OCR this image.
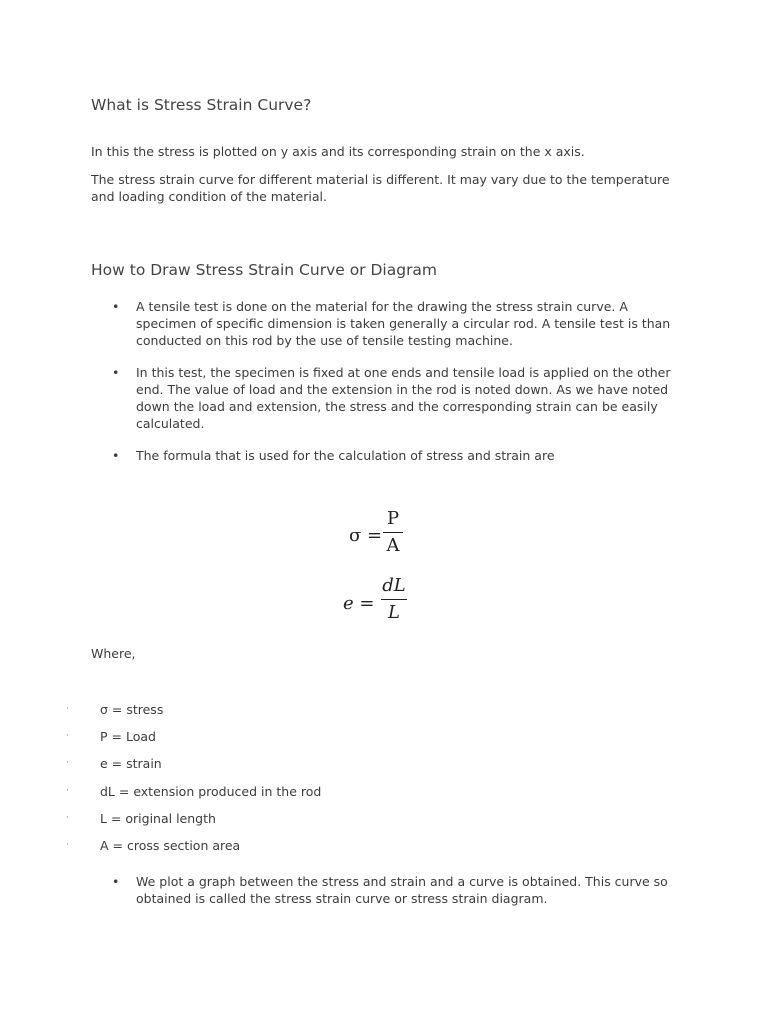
What is Stress Strain Curve?
In this the stress is plotted on y axis and its corresponding strain on the x axis.
The stress strain curve for different material is different. It may vary due to the temperature
and loading condition of the material.
How to Draw Stress Strain Curve or Diagram
•	A tensile test is done on the material for the drawing the stress strain curve. A
specimen of specific dimension is taken generally a circular rod. A tensile test is than
conducted on this rod by the use of tensile testing machine.
•	In this test, the specimen is fixed at one ends and tensile load is applied on the other
end. The value of load and the extension in the rod is noted down. As we have noted
down the load and extension, the stress and the corresponding strain can be easily
calculated.
•	The formula that is used for the calculation of stress and strain are
σ =
P
A
e =
dL
L
Where,
· σ = stress
· P = Load
· e = strain
· dL = extension produced in the rod
· L = original length
· A = cross section area
•	We plot a graph between the stress and strain and a curve is obtained. This curve so
obtained is called the stress strain curve or stress strain diagram.
